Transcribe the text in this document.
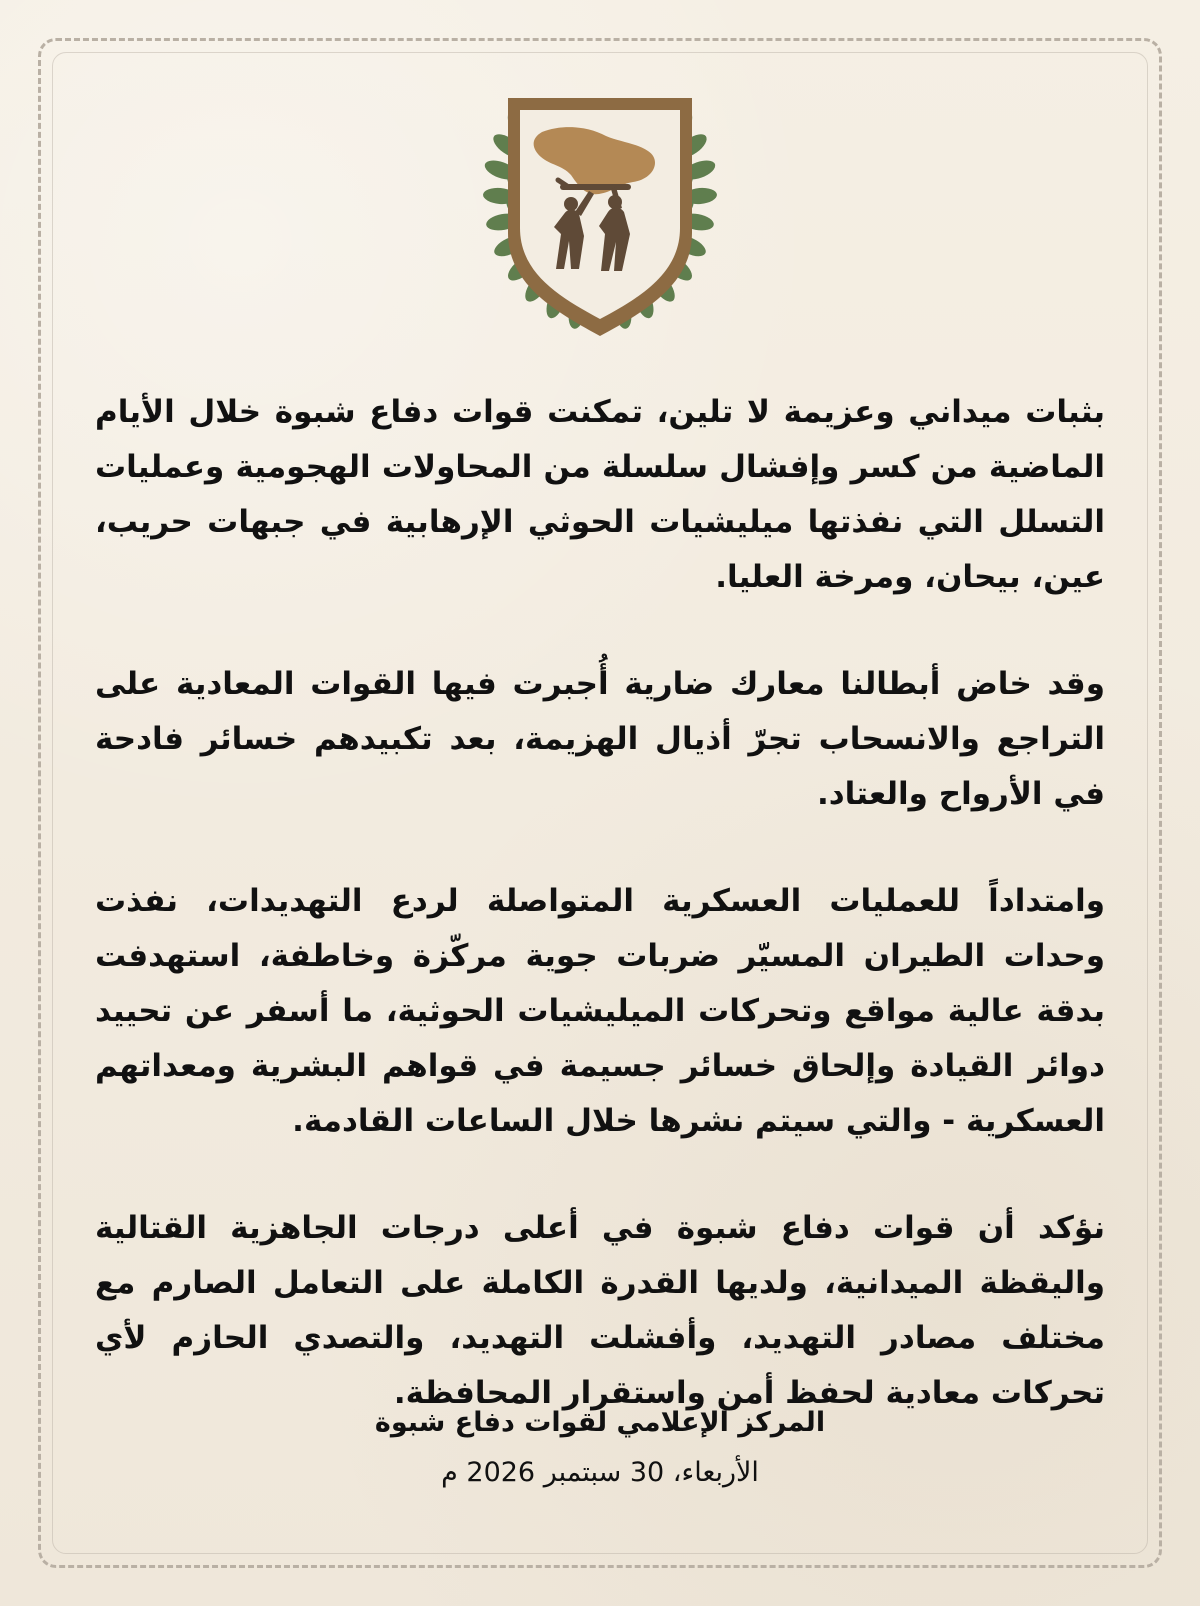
بثبات ميداني وعزيمة لا تلين، تمكنت قوات دفاع شبوة خلال الأيام الماضية من كسر وإفشال سلسلة من المحاولات الهجومية وعمليات التسلل التي نفذتها ميليشيات الحوثي الإرهابية في جبهات حريب، عين، بيحان، ومرخة العليا.

وقد خاض أبطالنا معارك ضارية أُجبرت فيها القوات المعادية على التراجع والانسحاب تجرّ أذيال الهزيمة، بعد تكبيدهم خسائر فادحة في الأرواح والعتاد.

وامتداداً للعمليات العسكرية المتواصلة لردع التهديدات، نفذت وحدات الطيران المسيّر ضربات جوية مركّزة وخاطفة، استهدفت بدقة عالية مواقع وتحركات الميليشيات الحوثية، ما أسفر عن تحييد دوائر القيادة وإلحاق خسائر جسيمة في قواهم البشرية ومعداتهم العسكرية - والتي سيتم نشرها خلال الساعات القادمة.

نؤكد أن قوات دفاع شبوة في أعلى درجات الجاهزية القتالية واليقظة الميدانية، ولديها القدرة الكاملة على التعامل الصارم مع مختلف مصادر التهديد، وأفشلت التهديد، والتصدي الحازم لأي تحركات معادية لحفظ أمن واستقرار المحافظة.

المركز الإعلامي لقوات دفاع شبوة
الأربعاء، 30 سبتمبر 2026 م
